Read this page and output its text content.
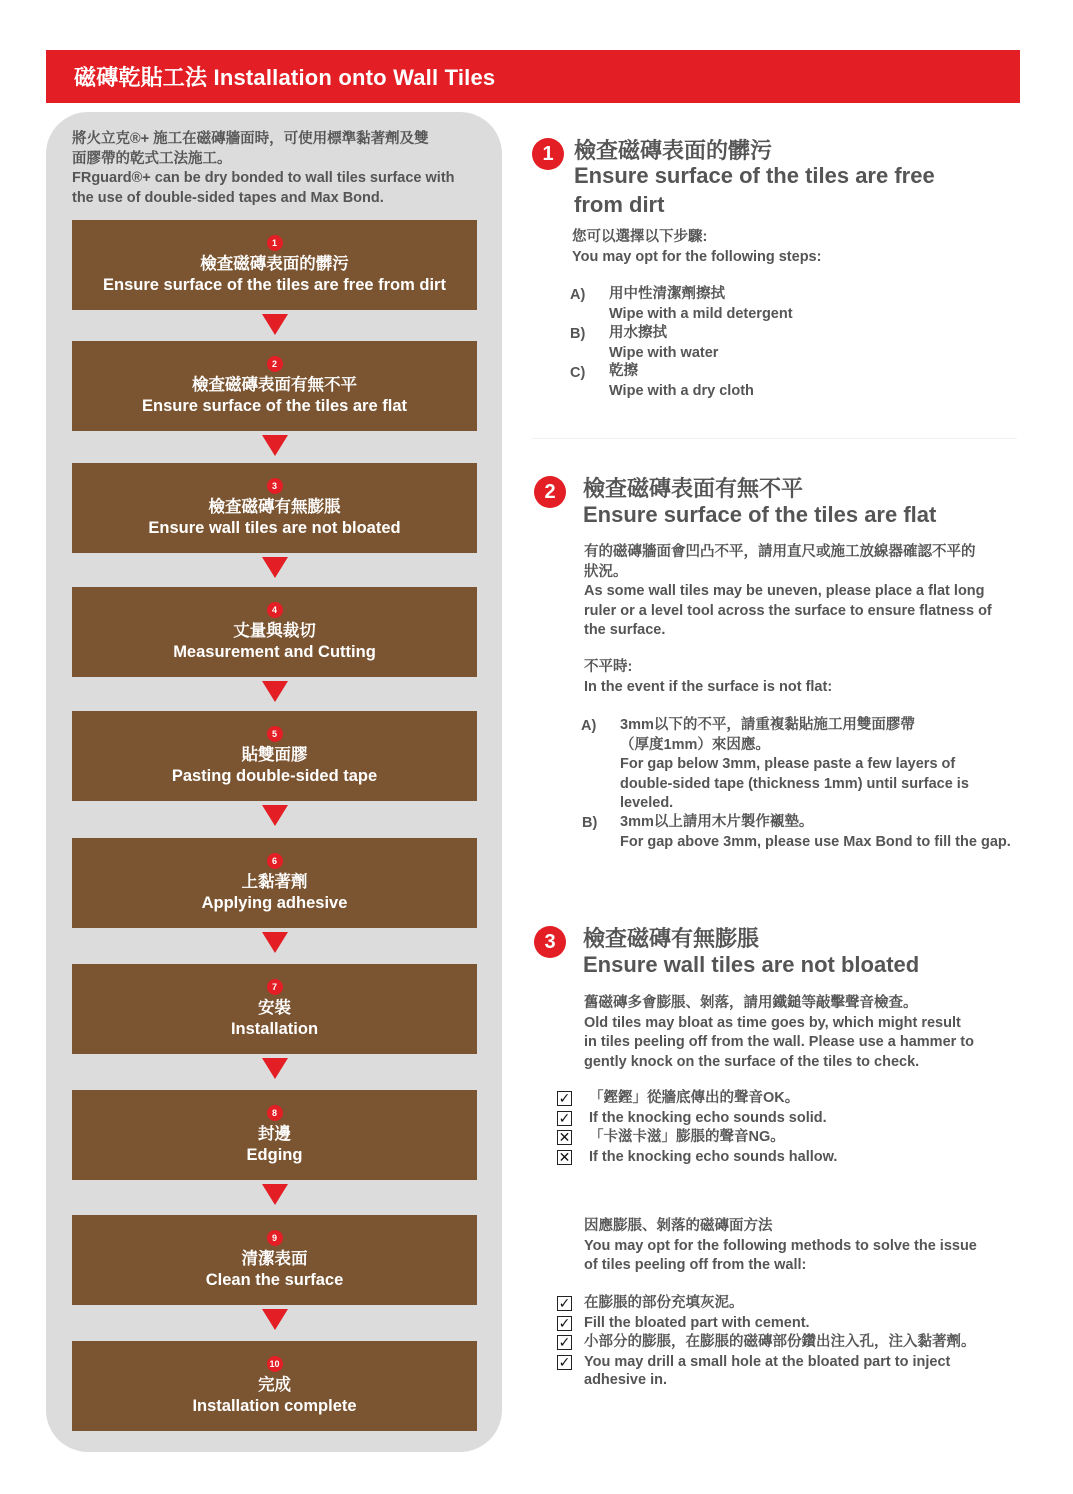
磁磚乾貼工法 Installation onto Wall Tiles
將火立克®+ 施工在磁磚牆面時，可使用標準黏著劑及雙
面膠帶的乾式工法施工。
FRguard®+ can be dry bonded to wall tiles surface with
the use of double-sided tapes and Max Bond.
1
檢查磁磚表面的髒污
Ensure surface of the tiles are free from dirt
2
檢查磁磚表面有無不平
Ensure surface of the tiles are flat
3
檢查磁磚有無膨脹
Ensure wall tiles are not bloated
4
丈量與裁切
Measurement and Cutting
5
貼雙面膠
Pasting double-sided tape
6
上黏著劑
Applying adhesive
7
安裝
Installation
8
封邊
Edging
9
清潔表面
Clean the surface
10
完成
Installation complete
1 檢查磁磚表面的髒污
Ensure surface of the tiles are free
from dirt
您可以選擇以下步驟:
You may opt for the following steps:
A) 用中性清潔劑擦拭
Wipe with a mild detergent
B) 用水擦拭
Wipe with water
C) 乾擦
Wipe with a dry cloth
2	檢查磁磚表面有無不平
Ensure surface of the tiles are flat
有的磁磚牆面會凹凸不平，請用直尺或施工放線器確認不平的
狀況。
As some wall tiles may be uneven, please place a flat long
ruler or a level tool across the surface to ensure flatness of
the surface.
不平時:
In the event if the surface is not flat:
A) 3mm以下的不平，請重複黏貼施工用雙面膠帶
（厚度1mm）來因應。
For gap below 3mm, please paste a few layers of
double-sided tape (thickness 1mm) until surface is
leveled.
B) 3mm以上請用木片製作襯墊。
For gap above 3mm, please use Max Bond to fill the gap.
3	檢查磁磚有無膨脹
Ensure wall tiles are not bloated
舊磁磚多會膨脹、剝落，請用鐵鎚等敲擊聲音檢查。
Old tiles may bloat as time goes by, which might result
in tiles peeling off from the wall. Please use a hammer to
gently knock on the surface of the tiles to check.
✓ 「鏗鏗」從牆底傳出的聲音OK。
✓ If the knocking echo sounds solid.
✕ 「卡滋卡滋」膨脹的聲音NG。
✕ If the knocking echo sounds hallow.
因應膨脹、剝落的磁磚面方法
You may opt for the following methods to solve the issue
of tiles peeling off from the wall:
✓ 在膨脹的部份充填灰泥。
✓ Fill the bloated part with cement.
✓ 小部分的膨脹，在膨脹的磁磚部份鑽出注入孔，注入黏著劑。
✓ You may drill a small hole at the bloated part to inject
adhesive in.
